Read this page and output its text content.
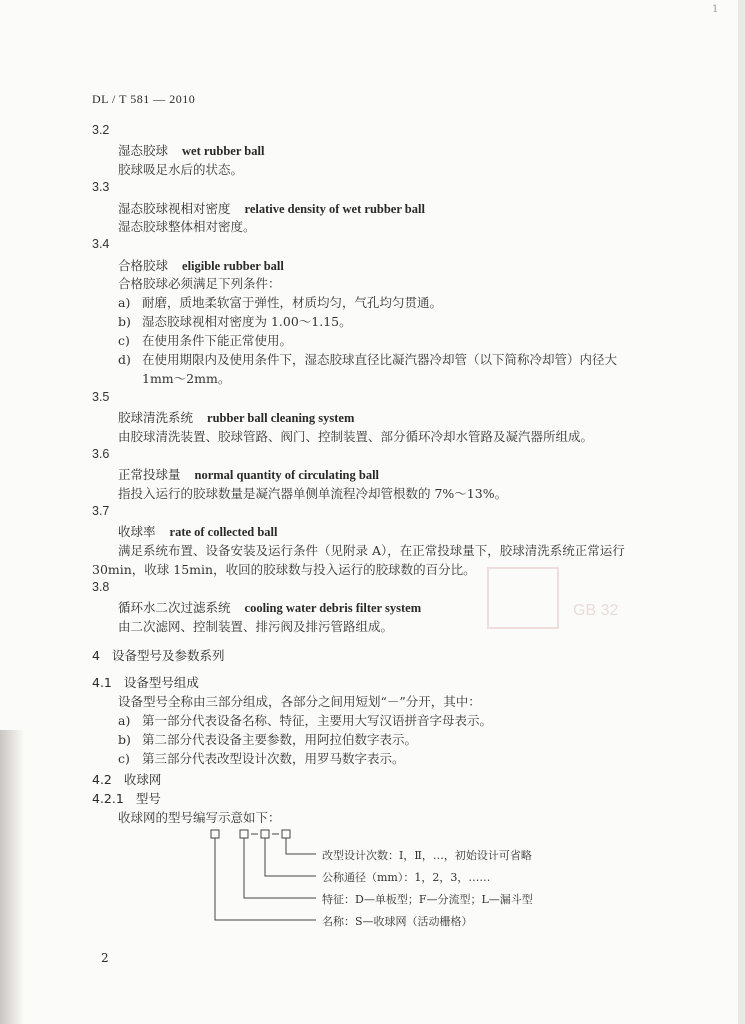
1
DL / T 581 — 2010
3.2
湿态胶球 wet rubber ball
胶球吸足水后的状态。
3.3
湿态胶球视相对密度 relative density of wet rubber ball
湿态胶球整体相对密度。
3.4
合格胶球 eligible rubber ball
合格胶球必须满足下列条件：
a) 耐磨，质地柔软富于弹性，材质均匀，气孔均匀贯通。
b) 湿态胶球视相对密度为 1.00～1.15。
c) 在使用条件下能正常使用。
d) 在使用期限内及使用条件下，湿态胶球直径比凝汽器冷却管（以下简称冷却管）内径大
1mm～2mm。
3.5
胶球清洗系统 rubber ball cleaning system
由胶球清洗装置、胶球管路、阀门、控制装置、部分循环冷却水管路及凝汽器所组成。
3.6
正常投球量 normal quantity of circulating ball
指投入运行的胶球数量是凝汽器单侧单流程冷却管根数的 7%～13%。
3.7
收球率 rate of collected ball
满足系统布置、设备安装及运行条件（见附录 A），在正常投球量下，胶球清洗系统正常运行
30min，收球 15min，收回的胶球数与投入运行的胶球数的百分比。
GB 32
3.8
循环水二次过滤系统 cooling water debris filter system
由二次滤网、控制装置、排污阀及排污管路组成。
4 设备型号及参数系列
4.1 设备型号组成
设备型号全称由三部分组成，各部分之间用短划“－”分开，其中：
a) 第一部分代表设备名称、特征，主要用大写汉语拼音字母表示。
b) 第二部分代表设备主要参数，用阿拉伯数字表示。
c) 第三部分代表改型设计次数，用罗马数字表示。
4.2 收球网
4.2.1 型号
收球网的型号编写示意如下：
改型设计次数：Ⅰ，Ⅱ，…，初始设计可省略
公称通径（mm）：1，2，3，……
特征：D—单板型；F—分流型；L—漏斗型
名称：S—收球网（活动栅格）
2
